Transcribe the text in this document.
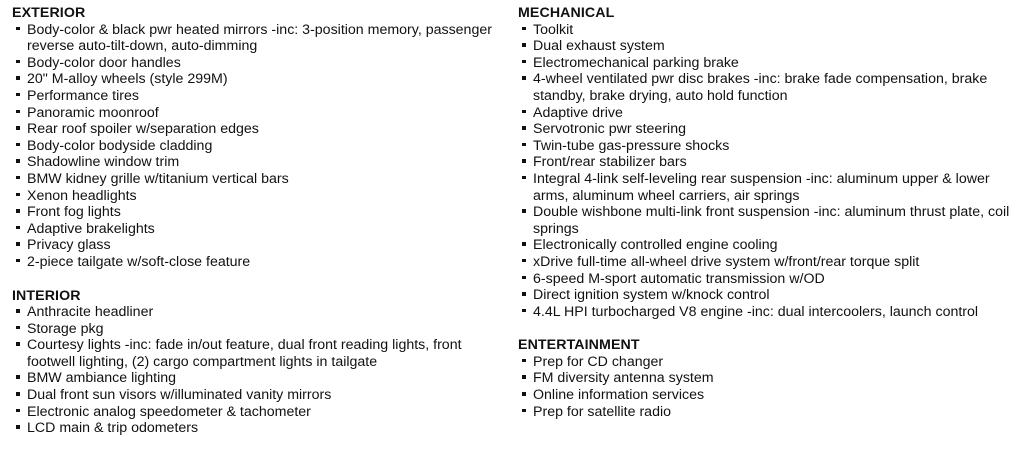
EXTERIOR
Body-color & black pwr heated mirrors -inc: 3-position memory, passenger reverse auto-tilt-down, auto-dimming
Body-color door handles
20" M-alloy wheels (style 299M)
Performance tires
Panoramic moonroof
Rear roof spoiler w/separation edges
Body-color bodyside cladding
Shadowline window trim
BMW kidney grille w/titanium vertical bars
Xenon headlights
Front fog lights
Adaptive brakelights
Privacy glass
2-piece tailgate w/soft-close feature
INTERIOR
Anthracite headliner
Storage pkg
Courtesy lights -inc: fade in/out feature, dual front reading lights, front footwell lighting, (2) cargo compartment lights in tailgate
BMW ambiance lighting
Dual front sun visors w/illuminated vanity mirrors
Electronic analog speedometer & tachometer
LCD main & trip odometers
MECHANICAL
Toolkit
Dual exhaust system
Electromechanical parking brake
4-wheel ventilated pwr disc brakes -inc: brake fade compensation, brake standby, brake drying, auto hold function
Adaptive drive
Servotronic pwr steering
Twin-tube gas-pressure shocks
Front/rear stabilizer bars
Integral 4-link self-leveling rear suspension -inc: aluminum upper & lower arms, aluminum wheel carriers, air springs
Double wishbone multi-link front suspension -inc: aluminum thrust plate, coil springs
Electronically controlled engine cooling
xDrive full-time all-wheel drive system w/front/rear torque split
6-speed M-sport automatic transmission w/OD
Direct ignition system w/knock control
4.4L HPI turbocharged V8 engine -inc: dual intercoolers, launch control
ENTERTAINMENT
Prep for CD changer
FM diversity antenna system
Online information services
Prep for satellite radio
